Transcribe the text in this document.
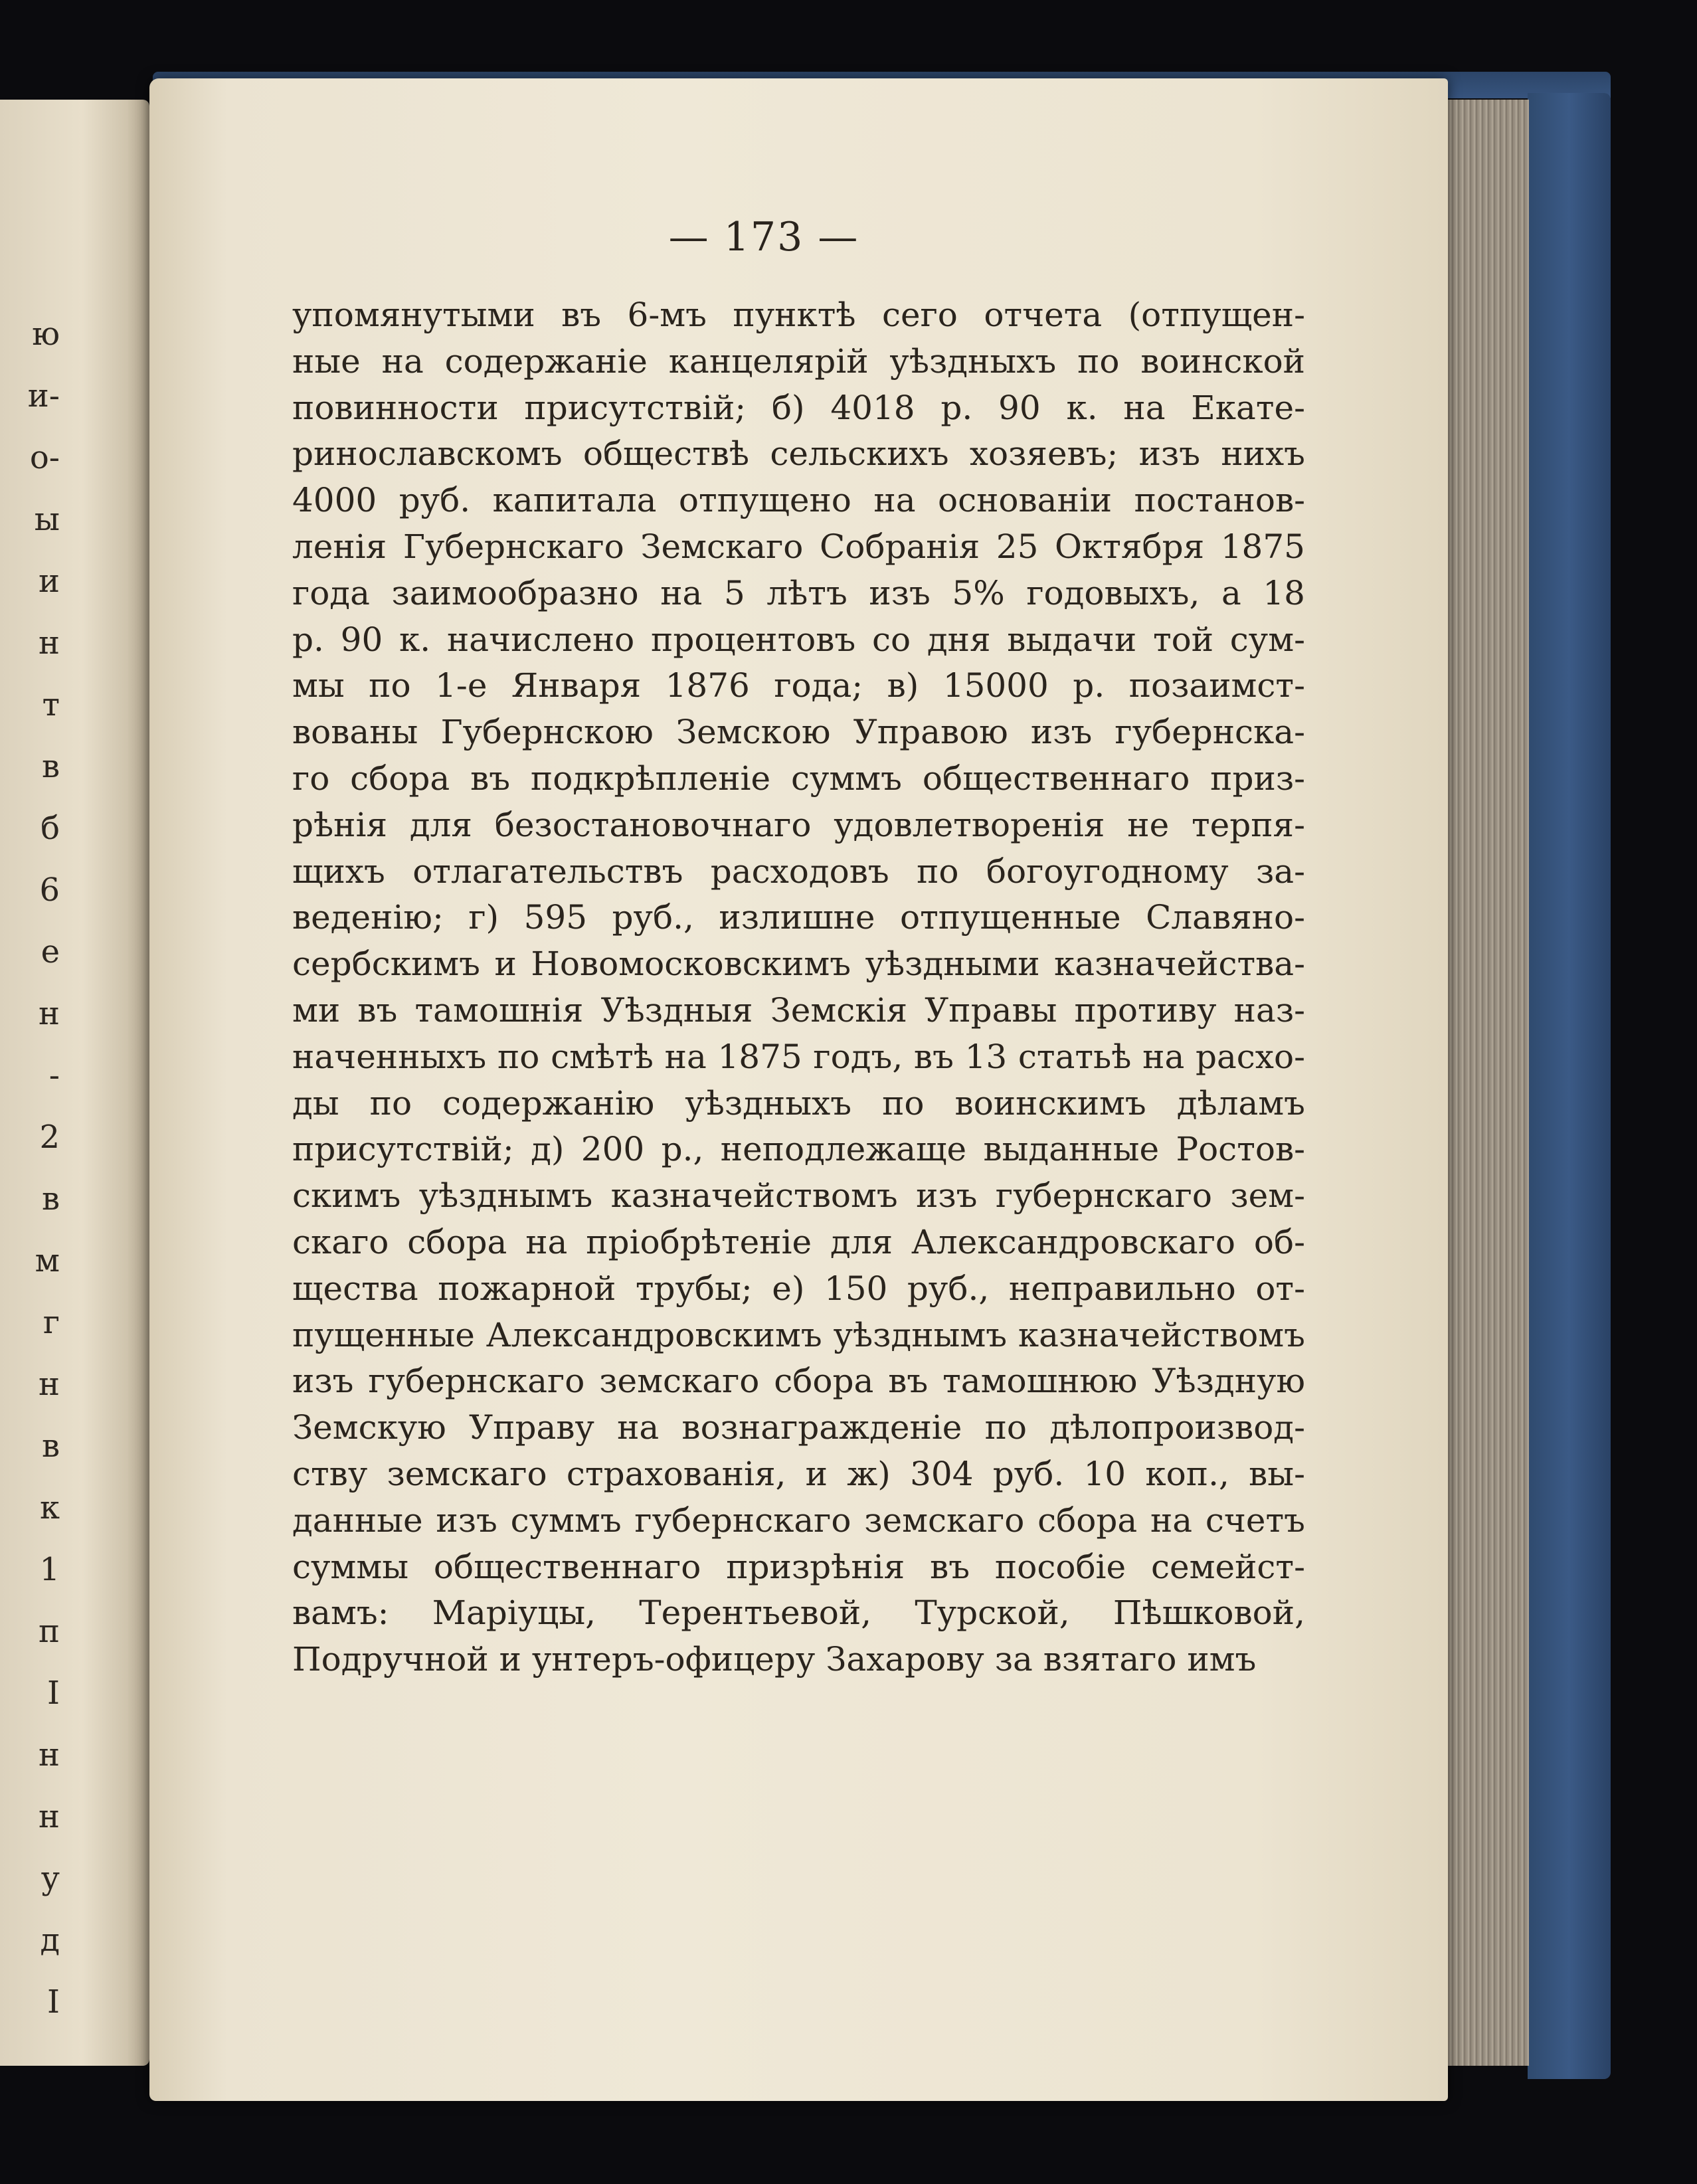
ю
и-
о-
ы
и
н
т
в
б
6
е
н
-
2
в
м
г
н
в
к
1
п
I
н
н
у
д
I
— 173 —
упомянутыми въ 6-мъ пунктѣ сего отчета (отпущен-
ные на содержаніе канцелярій уѣздныхъ по воинской
повинности присутствій; б) 4018 р. 90 к. на Екате-
ринославскомъ обществѣ сельскихъ хозяевъ; изъ нихъ
4000 руб. капитала отпущено на основаніи постанов-
ленія Губернскаго Земскаго Собранія 25 Октября 1875
года заимообразно на 5 лѣтъ изъ 5% годовыхъ, а 18
р. 90 к. начислено процентовъ со дня выдачи той сум-
мы по 1-е Января 1876 года; в) 15000 р. позаимст-
вованы Губернскою Земскою Управою изъ губернска-
го сбора въ подкрѣпленіе суммъ общественнаго приз-
рѣнія для безостановочнаго удовлетворенія не терпя-
щихъ отлагательствъ расходовъ по богоугодному за-
веденію; г) 595 руб., излишне отпущенные Славяно-
сербскимъ и Новомосковскимъ уѣздными казначейства-
ми въ тамошнія Уѣздныя Земскія Управы противу наз-
наченныхъ по смѣтѣ на 1875 годъ, въ 13 статьѣ на расхо-
ды по содержанію уѣздныхъ по воинскимъ дѣламъ
присутствій; д) 200 р., неподлежаще выданные Ростов-
скимъ уѣзднымъ казначействомъ изъ губернскаго зем-
скаго сбора на пріобрѣтеніе для Александровскаго об-
щества пожарной трубы; е) 150 руб., неправильно от-
пущенные Александровскимъ уѣзднымъ казначействомъ
изъ губернскаго земскаго сбора въ тамошнюю Уѣздную
Земскую Управу на вознагражденіе по дѣлопроизвод-
ству земскаго страхованія, и ж) 304 руб. 10 коп., вы-
данные изъ суммъ губернскаго земскаго сбора на счетъ
суммы общественнаго призрѣнія въ пособіе семейст-
вамъ: Маріуцы, Терентьевой, Турской, Пѣшковой,
Подручной и унтеръ-офицеру Захарову за взятаго имъ
